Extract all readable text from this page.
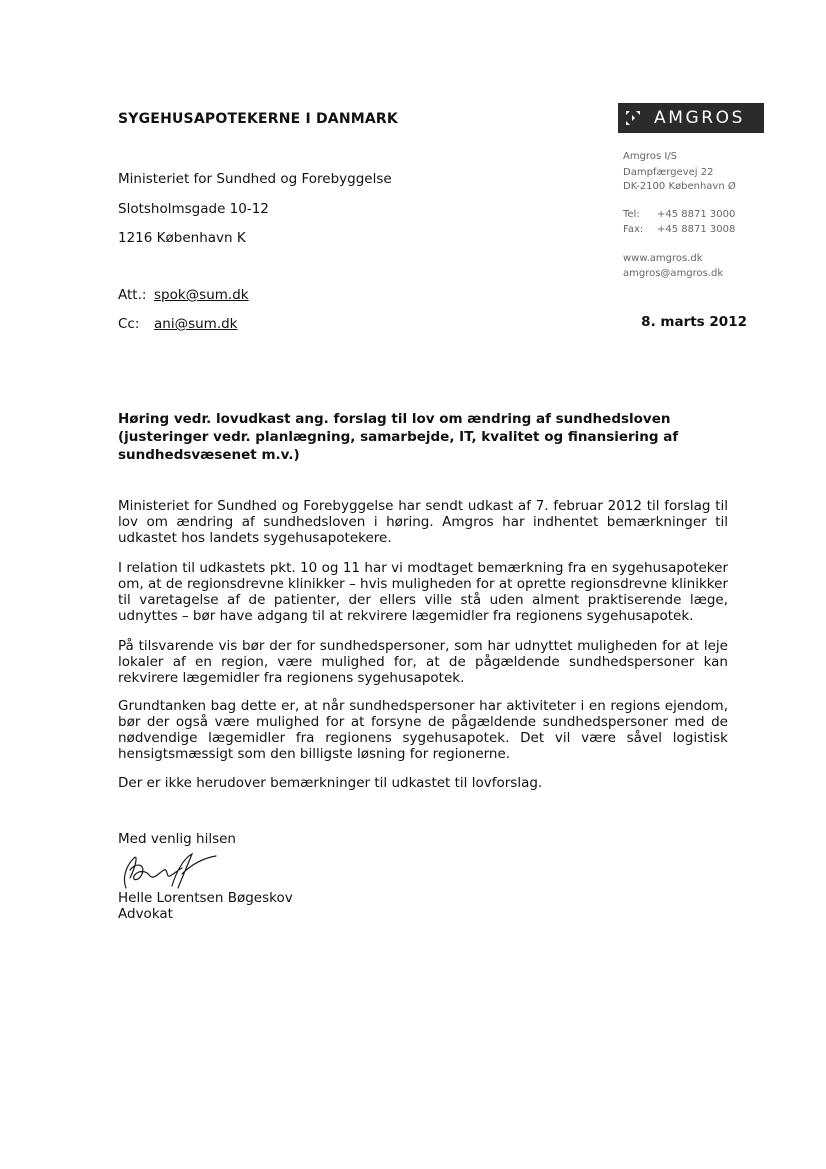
SYGEHUSAPOTEKERNE I DANMARK	AMGROS
Ministeriet for Sundhed og Forebyggelse
Slotsholmsgade 10-12
1216 København K
Amgros I/S
Dampfærgevej 22
DK-2100 København Ø
Tel: +45 8871 3000
Fax: +45 8871 3008
www.amgros.dk
amgros@amgros.dk
Att.: spok@sum.dk
Cc: ani@sum.dk	8. marts 2012

Høring vedr. lovudkast ang. forslag til lov om ændring af sundhedsloven (justeringer vedr. planlægning, samarbejde, IT, kvalitet og finansiering af sundhedsvæsenet m.v.)

Ministeriet for Sundhed og Forebyggelse har sendt udkast af 7. februar 2012 til forslag til lov om ændring af sundhedsloven i høring. Amgros har indhentet bemærkninger til udkastet hos landets sygehusapotekere.

I relation til udkastets pkt. 10 og 11 har vi modtaget bemærkning fra en sygehusapoteker om, at de regionsdrevne klinikker – hvis muligheden for at oprette regionsdrevne klinikker til varetagelse af de patienter, der ellers ville stå uden alment praktiserende læge, udnyttes – bør have adgang til at rekvirere lægemidler fra regionens sygehusapotek.

På tilsvarende vis bør der for sundhedspersoner, som har udnyttet muligheden for at leje lokaler af en region, være mulighed for, at de pågældende sundhedspersoner kan rekvirere lægemidler fra regionens sygehusapotek.

Grundtanken bag dette er, at når sundhedspersoner har aktiviteter i en regions ejendom, bør der også være mulighed for at forsyne de pågældende sundhedspersoner med de nødvendige lægemidler fra regionens sygehusapotek. Det vil være såvel logistisk hensigtsmæssigt som den billigste løsning for regionerne.

Der er ikke herudover bemærkninger til udkastet til lovforslag.

Med venlig hilsen
Helle Lorentsen Bøgeskov
Advokat
